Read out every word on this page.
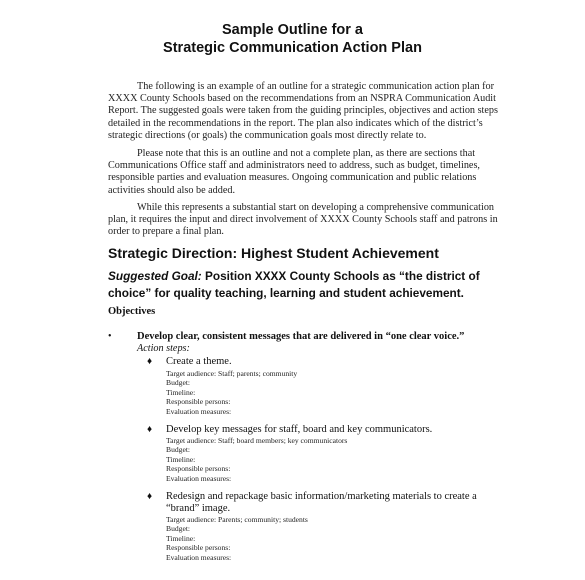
Sample Outline for a
Strategic Communication Action Plan
The following is an example of an outline for a strategic communication action plan for
XXXX County Schools based on the recommendations from an NSPRA Communication Audit
Report. The suggested goals were taken from the guiding principles, objectives and action steps
detailed in the recommendations in the report. The plan also indicates which of the district’s
strategic directions (or goals) the communication goals most directly relate to.
Please note that this is an outline and not a complete plan, as there are sections that
Communications Office staff and administrators need to address, such as budget, timelines,
responsible parties and evaluation measures. Ongoing communication and public relations
activities should also be added.
While this represents a substantial start on developing a comprehensive communication
plan, it requires the input and direct involvement of XXXX County Schools staff and patrons in
order to prepare a final plan.
Strategic Direction: Highest Student Achievement
Suggested Goal: Position XXXX County Schools as “the district of
choice” for quality teaching, learning and student achievement.
Objectives
• Develop clear, consistent messages that are delivered in “one clear voice.”
Action steps:
♦ Create a theme.
Target audience: Staff; parents; community
Budget:
Timeline:
Responsible persons:
Evaluation measures:
♦ Develop key messages for staff, board and key communicators.
Target audience: Staff; board members; key communicators
Budget:
Timeline:
Responsible persons:
Evaluation measures:
♦ Redesign and repackage basic information/marketing materials to create a
“brand” image.
Target audience: Parents; community; students
Budget:
Timeline:
Responsible persons:
Evaluation measures:
